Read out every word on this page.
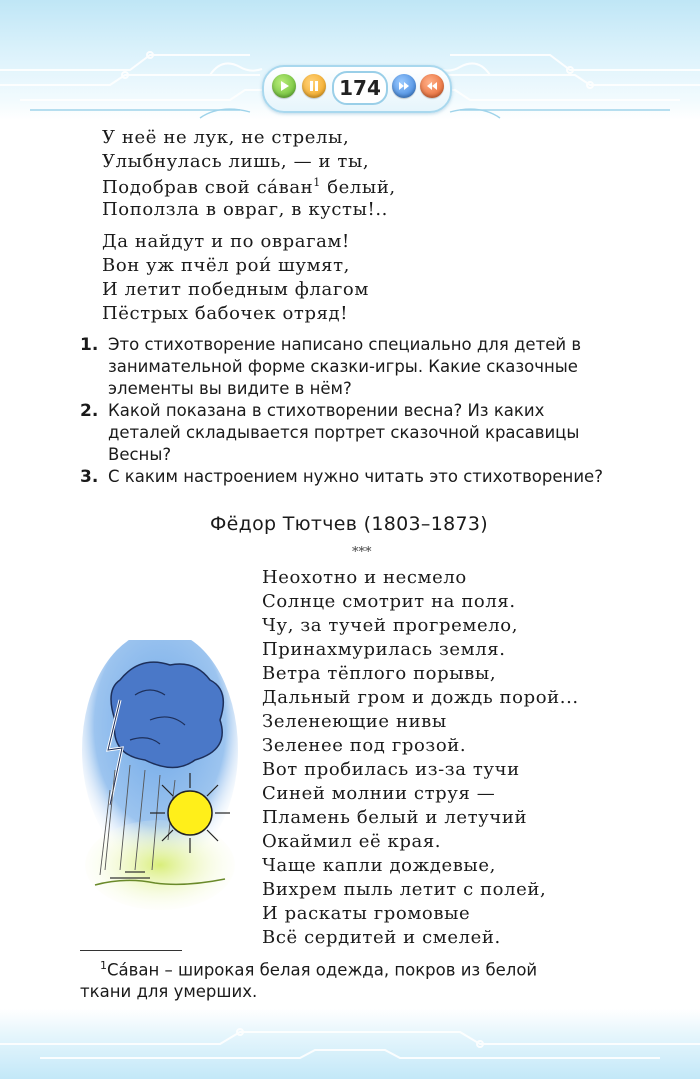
174
У неё не лук, не стрелы,
Улыбнулась лишь, — и ты,
Подобрав свой са́ван$^1$ белый,
Поползла в овраг, в кусты!..
Да найдут и по оврагам!
Вон уж пчёл рои́ шумят,
И летит победным флагом
Пёстрых бабочек отряд!
1. Это стихотворение написано специально для детей в
занимательной форме сказки-игры. Какие сказочные
элементы вы видите в нём?
2. Какой показана в стихотворении весна? Из каких
деталей складывается портрет сказочной красавицы
Весны?
3. С каким настроением нужно читать это стихотворение?
Фёдор Тютчев (1803–1873)
***
Неохотно и несмело
Солнце смотрит на поля.
Чу, за тучей прогремело,
Принахмурилась земля.
Ветра тёплого порывы,
Дальный гром и дождь порой...
Зеленеющие нивы
Зеленее под грозой.
Вот пробилась из-за тучи
Синей молнии струя —
Пламень белый и летучий
Окаймил её края.
Чаще капли дождевые,
Вихрем пыль летит с полей,
И раскаты громовые
Всё сердитей и смелей.
$^1$Са́ван – широкая белая одежда, покров из белой
ткани для умерших.
